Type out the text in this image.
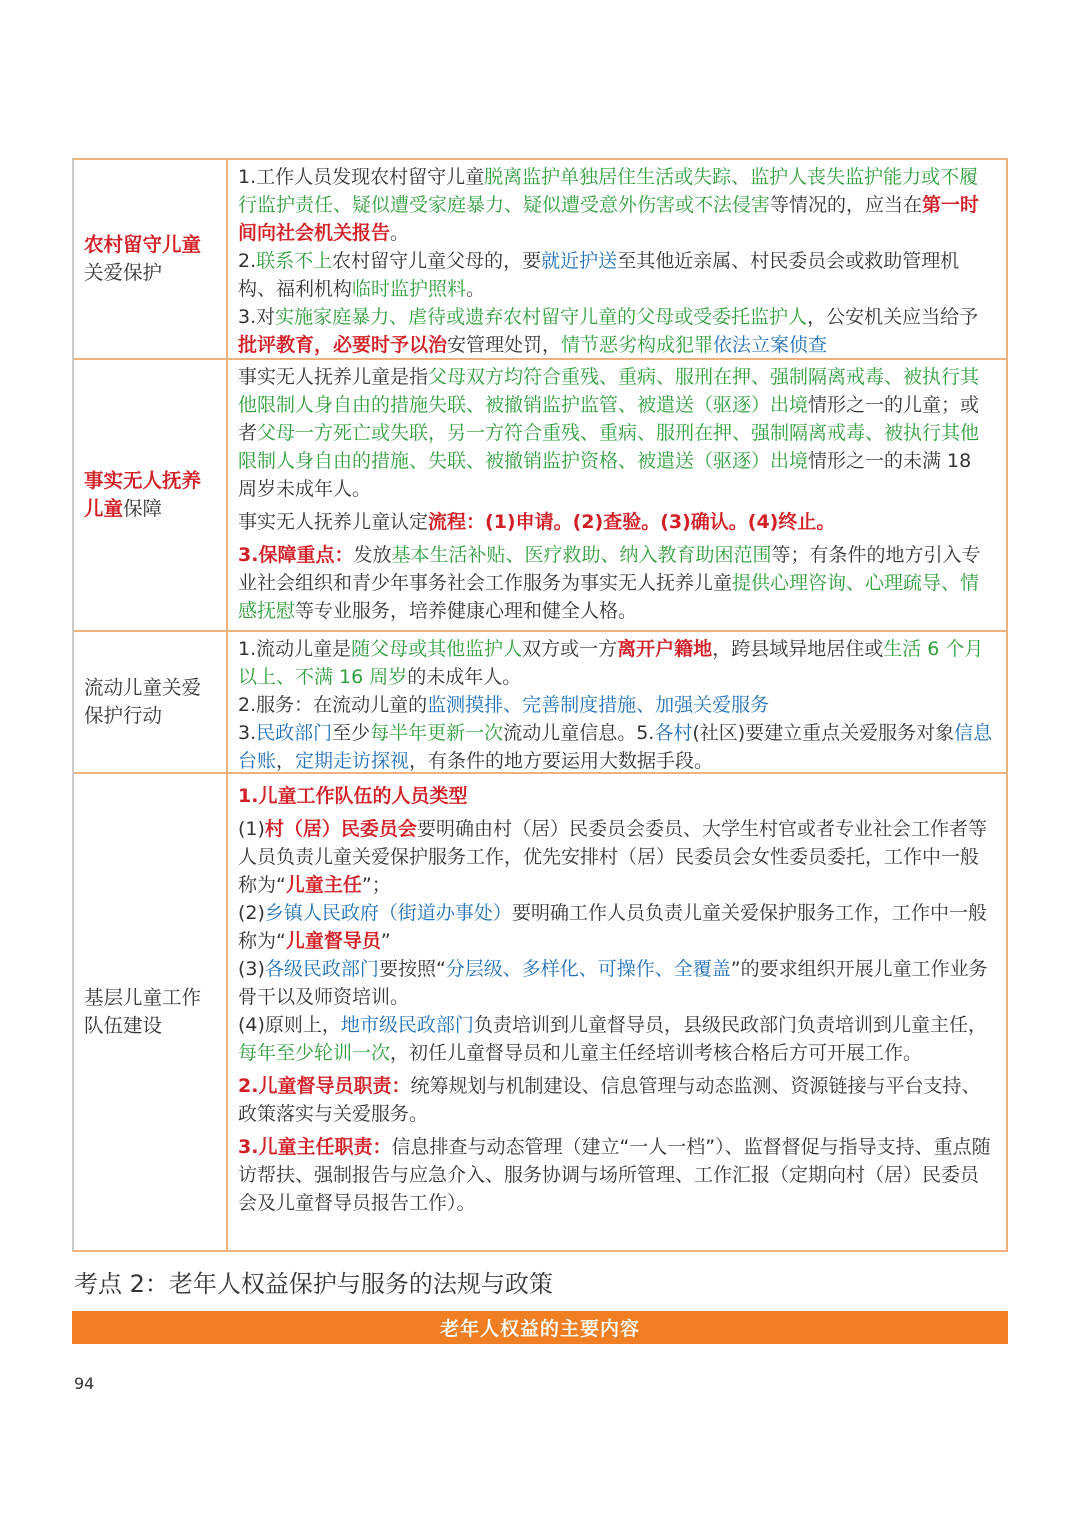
农村留守儿童关爱保护

1.工作人员发现农村留守儿童脱离监护单独居住生活或失踪、监护人丧失监护能力或不履行监护责任、疑似遭受家庭暴力、疑似遭受意外伤害或不法侵害等情况的，应当在第一时间向社会机关报告。

2.联系不上农村留守儿童父母的，要就近护送至其他近亲属、村民委员会或救助管理机构、福利机构临时监护照料。

3.对实施家庭暴力、虐待或遗弃农村留守儿童的父母或受委托监护人，公安机关应当给予批评教育，必要时予以治安管理处罚，情节恶劣构成犯罪依法立案侦查

事实无人抚养儿童保障

事实无人抚养儿童是指父母双方均符合重残、重病、服刑在押、强制隔离戒毒、被执行其他限制人身自由的措施失联、被撤销监护监管、被遣送（驱逐）出境情形之一的儿童；或者父母一方死亡或失联，另一方符合重残、重病、服刑在押、强制隔离戒毒、被执行其他限制人身自由的措施、失联、被撤销监护资格、被遣送（驱逐）出境情形之一的未满 18 周岁未成年人。

事实无人抚养儿童认定流程：(1)申请。(2)查验。(3)确认。(4)终止。

3.保障重点：发放基本生活补贴、医疗救助、纳入教育助困范围等；有条件的地方引入专业社会组织和青少年事务社会工作服务为事实无人抚养儿童提供心理咨询、心理疏导、情感抚慰等专业服务，培养健康心理和健全人格。

流动儿童关爱保护行动

1.流动儿童是随父母或其他监护人双方或一方离开户籍地，跨县域异地居住或生活 6 个月以上、不满 16 周岁的未成年人。

2.服务：在流动儿童的监测摸排、完善制度措施、加强关爱服务

3.民政部门至少每半年更新一次流动儿童信息。5.各村(社区)要建立重点关爱服务对象信息台账，定期走访探视，有条件的地方要运用大数据手段。

基层儿童工作队伍建设

1.儿童工作队伍的人员类型

(1)村（居）民委员会要明确由村（居）民委员会委员、大学生村官或者专业社会工作者等人员负责儿童关爱保护服务工作，优先安排村（居）民委员会女性委员委托，工作中一般称为“儿童主任”；

(2)乡镇人民政府（街道办事处）要明确工作人员负责儿童关爱保护服务工作，工作中一般称为“儿童督导员”

(3)各级民政部门要按照“分层级、多样化、可操作、全覆盖”的要求组织开展儿童工作业务骨干以及师资培训。

(4)原则上，地市级民政部门负责培训到儿童督导员，县级民政部门负责培训到儿童主任，每年至少轮训一次，初任儿童督导员和儿童主任经培训考核合格后方可开展工作。

2.儿童督导员职责：统筹规划与机制建设、信息管理与动态监测、资源链接与平台支持、政策落实与关爱服务。

3.儿童主任职责：信息排查与动态管理（建立“一人一档”）、监督督促与指导支持、重点随访帮扶、强制报告与应急介入、服务协调与场所管理、工作汇报（定期向村（居）民委员会及儿童督导员报告工作）。

考点 2：老年人权益保护与服务的法规与政策
老年人权益的主要内容
94
